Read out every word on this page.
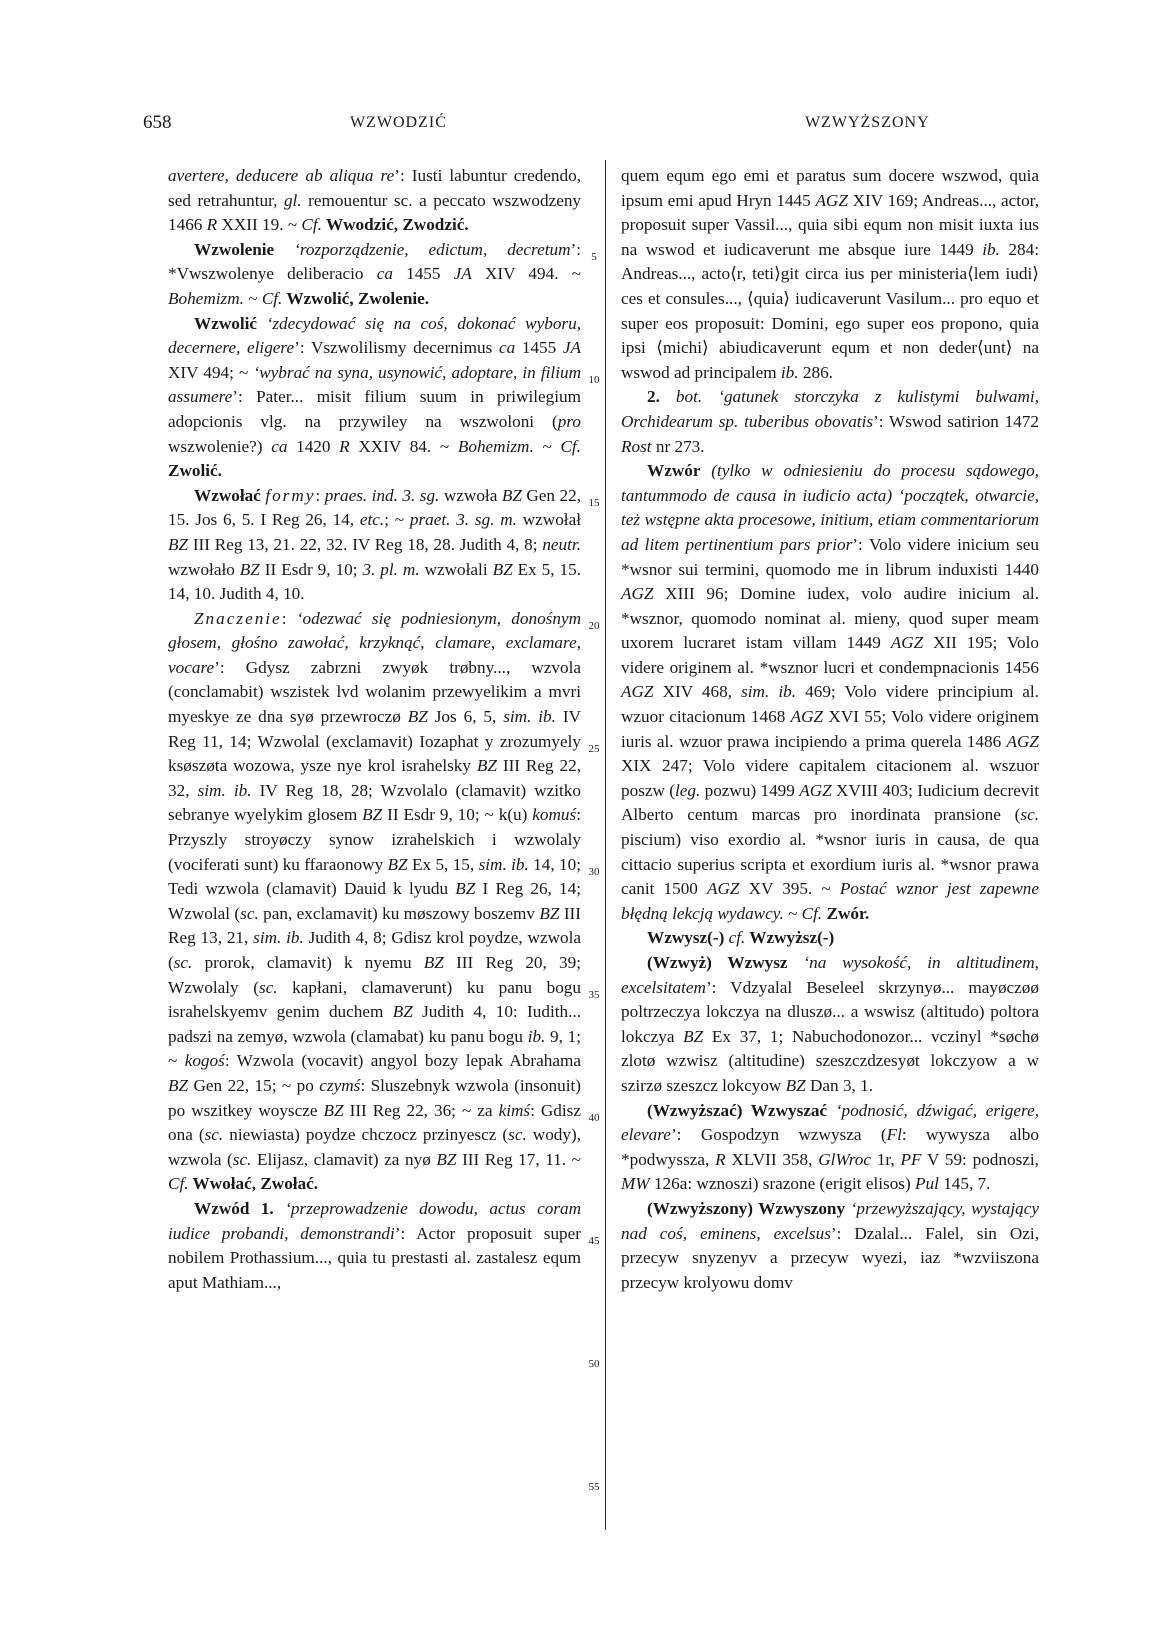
658	WZWODZIĆ	WZWYŻSZONY
5
10
15
20
25
30
35
40
45
50
55

avertere, deducere ab aliqua re’: Iusti labuntur credendo, sed retrahuntur, gl. remouentur sc. a peccato wszwodzeny 1466 R XXII 19. ~ Cf. Wwodzić, Zwodzić.

Wzwolenie ‘rozporządzenie, edictum, decretum’: *Vwszwolenye deliberacio ca 1455 JA XIV 494. ~ Bohemizm. ~ Cf. Wzwolić, Zwolenie.

Wzwolić ‘zdecydować się na coś, dokonać wyboru, decernere, eligere’: Vszwolilismy decernimus ca 1455 JA XIV 494; ~ ‘wybrać na syna, usynowić, adoptare, in filium assumere’: Pater... misit filium suum in priwilegium adopcionis vlg. na przywiley na wszwoloni (pro wszwolenie?) ca 1420 R XXIV 84. ~ Bohemizm. ~ Cf. Zwolić.

Wzwołać formy: praes. ind. 3. sg. wzwoła BZ Gen 22, 15. Jos 6, 5. I Reg 26, 14, etc.; ~ praet. 3. sg. m. wzwołał BZ III Reg 13, 21. 22, 32. IV Reg 18, 28. Judith 4, 8; neutr. wzwołało BZ II Esdr 9, 10; 3. pl. m. wzwołali BZ Ex 5, 15. 14, 10. Judith 4, 10.

Znaczenie: ‘odezwać się podniesionym, donośnym głosem, głośno zawołać, krzyknąć, clamare, exclamare, vocare’: Gdysz zabrzni zwyøk trøbny..., wzvola (conclamabit) wszistek lvd wolanim przewyelikim a mvri myeskye ze dna syø przewroczø BZ Jos 6, 5, sim. ib. IV Reg 11, 14; Wzwolal (exclamavit) Iozaphat y zrozumyely ksøszøta wozowa, ysze nye krol israhelsky BZ III Reg 22, 32, sim. ib. IV Reg 18, 28; Wzvolalo (clamavit) wzitko sebranye wyelykim glosem BZ II Esdr 9, 10; ~ k(u) komuś: Przyszly stroyøczy synow izrahelskich i wzwolaly (vociferati sunt) ku ffaraonowy BZ Ex 5, 15, sim. ib. 14, 10; Tedi wzwola (clamavit) Dauid k lyudu BZ I Reg 26, 14; Wzwolal (sc. pan, exclamavit) ku møszowy boszemv BZ III Reg 13, 21, sim. ib. Judith 4, 8; Gdisz krol poydze, wzwola (sc. prorok, clamavit) k nyemu BZ III Reg 20, 39; Wzwolaly (sc. kapłani, clamaverunt) ku panu bogu israhelskyemv genim duchem BZ Judith 4, 10: Iudith... padszi na zemyø, wzwola (clamabat) ku panu bogu ib. 9, 1; ~ kogoś: Wzwola (vocavit) angyol bozy lepak Abrahama BZ Gen 22, 15; ~ po czymś: Sluszebnyk wzwola (insonuit) po wszitkey woyscze BZ III Reg 22, 36; ~ za kimś: Gdisz ona (sc. niewiasta) poydze chczocz przinyescz (sc. wody), wzwola (sc. Elijasz, clamavit) za nyø BZ III Reg 17, 11. ~ Cf. Wwołać, Zwołać.

Wzwód 1. ‘przeprowadzenie dowodu, actus coram iudice probandi, demonstrandi’: Actor proposuit super nobilem Prothassium..., quia tu prestasti al. zastalesz equm aput Mathiam...,

quem equm ego emi et paratus sum docere wszwod, quia ipsum emi apud Hryn 1445 AGZ XIV 169; Andreas..., actor, proposuit super Vassil..., quia sibi equm non misit iuxta ius na wswod et iudicaverunt me absque iure 1449 ib. 284: Andreas..., acto⟨r, teti⟩git circa ius per ministeria⟨lem iudi⟩ces et consules..., ⟨quia⟩ iudicaverunt Vasilum... pro equo et super eos proposuit: Domini, ego super eos propono, quia ipsi ⟨michi⟩ abiudicaverunt equm et non deder⟨unt⟩ na wswod ad principalem ib. 286.

2. bot. ‘gatunek storczyka z kulistymi bulwami, Orchidearum sp. tuberibus obovatis’: Wswod satirion 1472 Rost nr 273.

Wzwór (tylko w odniesieniu do procesu sądowego, tantummodo de causa in iudicio acta) ‘początek, otwarcie, też wstępne akta procesowe, initium, etiam commentariorum ad litem pertinentium pars prior’: Volo videre inicium seu *wsnor sui termini, quomodo me in librum induxisti 1440 AGZ XIII 96; Domine iudex, volo audire inicium al. *wsznor, quomodo nominat al. mieny, quod super meam uxorem lucraret istam villam 1449 AGZ XII 195; Volo videre originem al. *wsznor lucri et condempnacionis 1456 AGZ XIV 468, sim. ib. 469; Volo videre principium al. wzuor citacionum 1468 AGZ XVI 55; Volo videre originem iuris al. wzuor prawa incipiendo a prima querela 1486 AGZ XIX 247; Volo videre capitalem citacionem al. wszuor poszw (leg. pozwu) 1499 AGZ XVIII 403; Iudicium decrevit Alberto centum marcas pro inordinata pransione (sc. piscium) viso exordio al. *wsnor iuris in causa, de qua cittacio superius scripta et exordium iuris al. *wsnor prawa canit 1500 AGZ XV 395. ~ Postać wznor jest zapewne błędną lekcją wydawcy. ~ Cf. Zwór.

Wzwysz(-) cf. Wzwyższ(-)

(Wzwyż) Wzwysz ‘na wysokość, in altitudinem, excelsitatem’: Vdzyalal Beseleel skrzynyø... mayøczøø poltrzeczya lokczya na dluszø... a wswisz (altitudo) poltora lokczya BZ Ex 37, 1; Nabuchodonozor... vczinyl *søchø zlotø wzwisz (altitudine) szeszczdzesyøt lokczyow a w szirzø szeszcz lokcyow BZ Dan 3, 1.

(Wzwyższać) Wzwyszać ‘podnosić, dźwigać, erigere, elevare’: Gospodzyn wzwysza (Fl: wywysza albo *podwyssza, R XLVII 358, GlWroc 1r, PF V 59: podnoszi, MW 126a: wznoszi) srazone (erigit elisos) Pul 145, 7.

(Wzwyższony) Wzwyszony ‘przewyższający, wystający nad coś, eminens, excelsus’: Dzalal... Falel, sin Ozi, przecyw snyzenyv a przecyw wyezi, iaz *wzviiszona przecyw krolyowu domv
